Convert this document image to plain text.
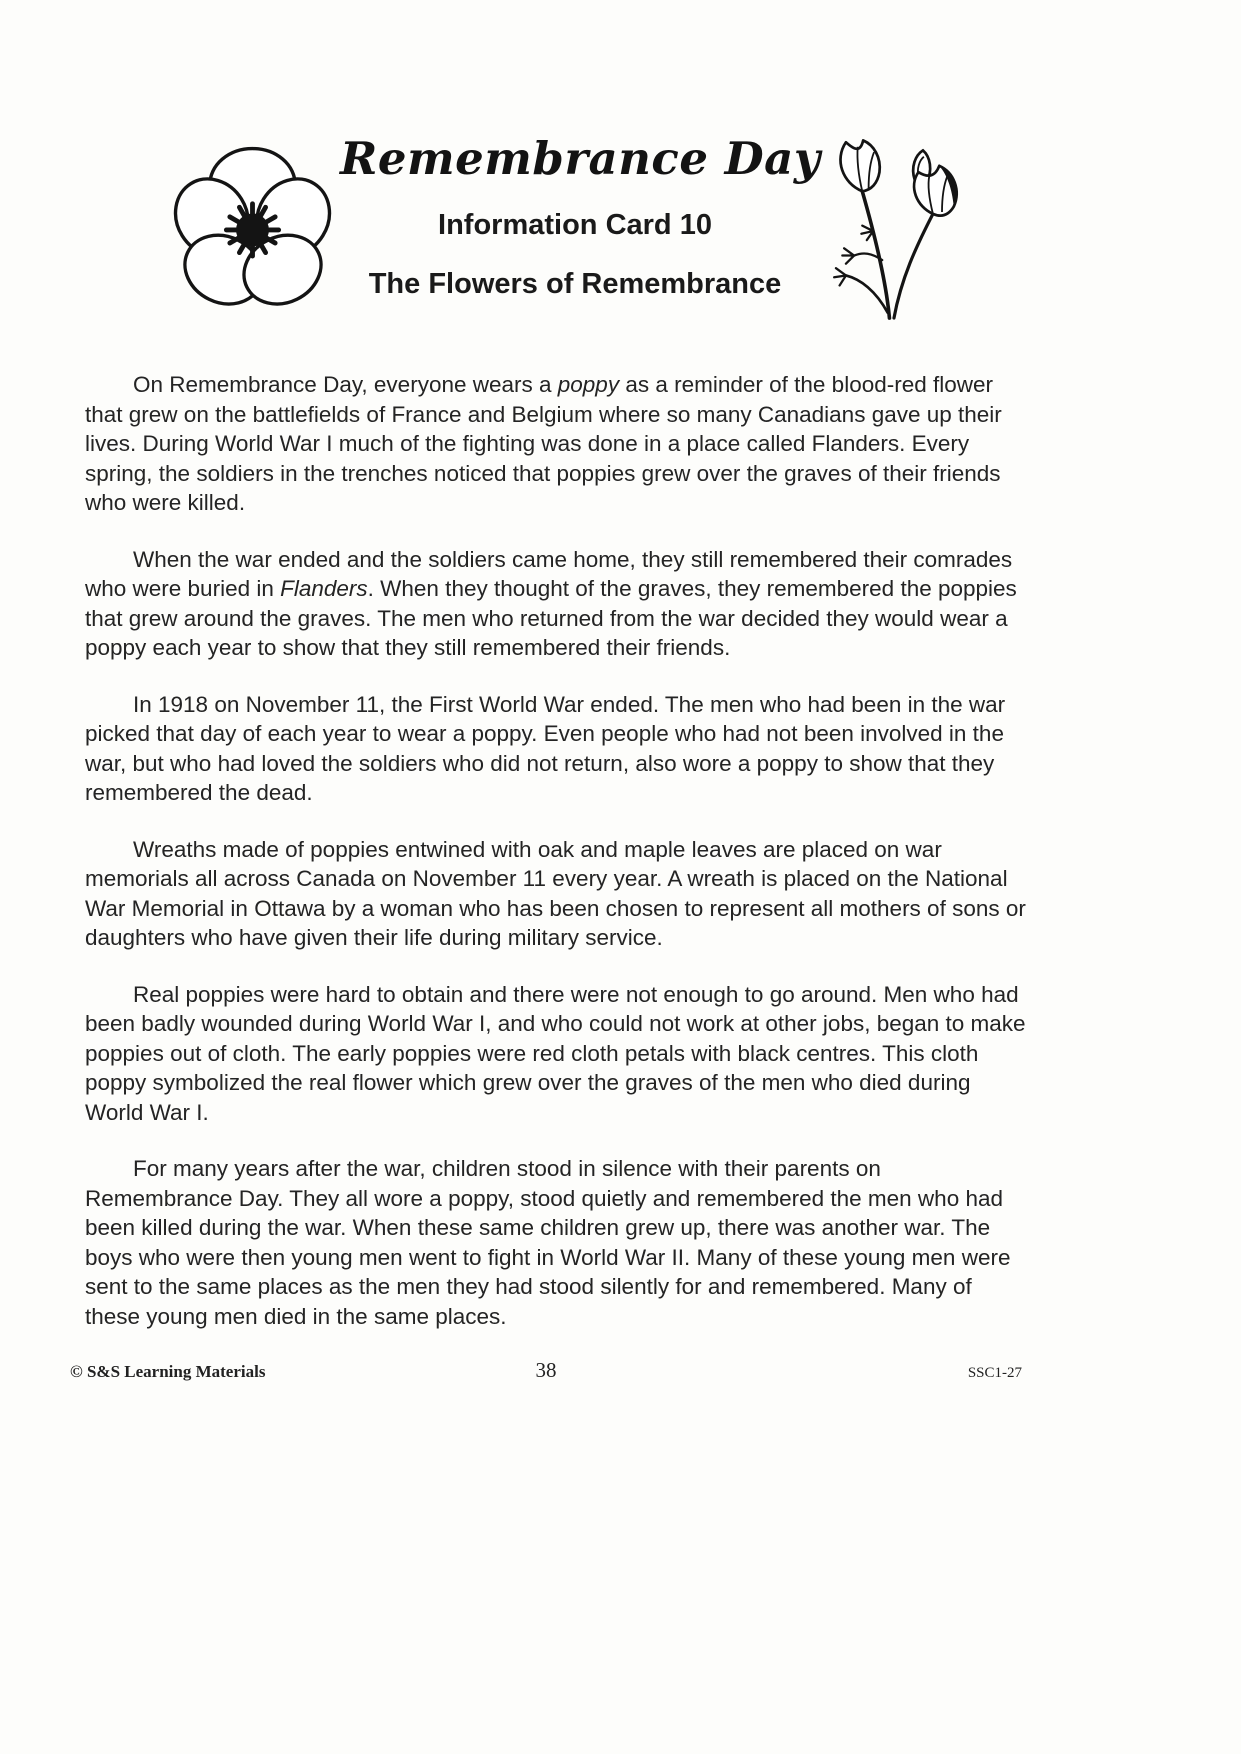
Remembrance Day
Information Card 10
The Flowers of Remembrance

On Remembrance Day, everyone wears a poppy as a reminder of the blood-red flower that grew on the battlefields of France and Belgium where so many Canadians gave up their lives. During World War I much of the fighting was done in a place called Flanders. Every spring, the soldiers in the trenches noticed that poppies grew over the graves of their friends who were killed.

When the war ended and the soldiers came home, they still remembered their comrades who were buried in Flanders. When they thought of the graves, they remembered the poppies that grew around the graves. The men who returned from the war decided they would wear a poppy each year to show that they still remembered their friends.

In 1918 on November 11, the First World War ended. The men who had been in the war picked that day of each year to wear a poppy. Even people who had not been involved in the war, but who had loved the soldiers who did not return, also wore a poppy to show that they remembered the dead.

Wreaths made of poppies entwined with oak and maple leaves are placed on war memorials all across Canada on November 11 every year. A wreath is placed on the National War Memorial in Ottawa by a woman who has been chosen to represent all mothers of sons or daughters who have given their life during military service.

Real poppies were hard to obtain and there were not enough to go around. Men who had been badly wounded during World War I, and who could not work at other jobs, began to make poppies out of cloth. The early poppies were red cloth petals with black centres. This cloth poppy symbolized the real flower which grew over the graves of the men who died during World War I.

For many years after the war, children stood in silence with their parents on Remembrance Day. They all wore a poppy, stood quietly and remembered the men who had been killed during the war. When these same children grew up, there was another war. The boys who were then young men went to fight in World War II. Many of these young men were sent to the same places as the men they had stood silently for and remembered. Many of these young men died in the same places.

© S&S Learning Materials	38	SSC1-27
